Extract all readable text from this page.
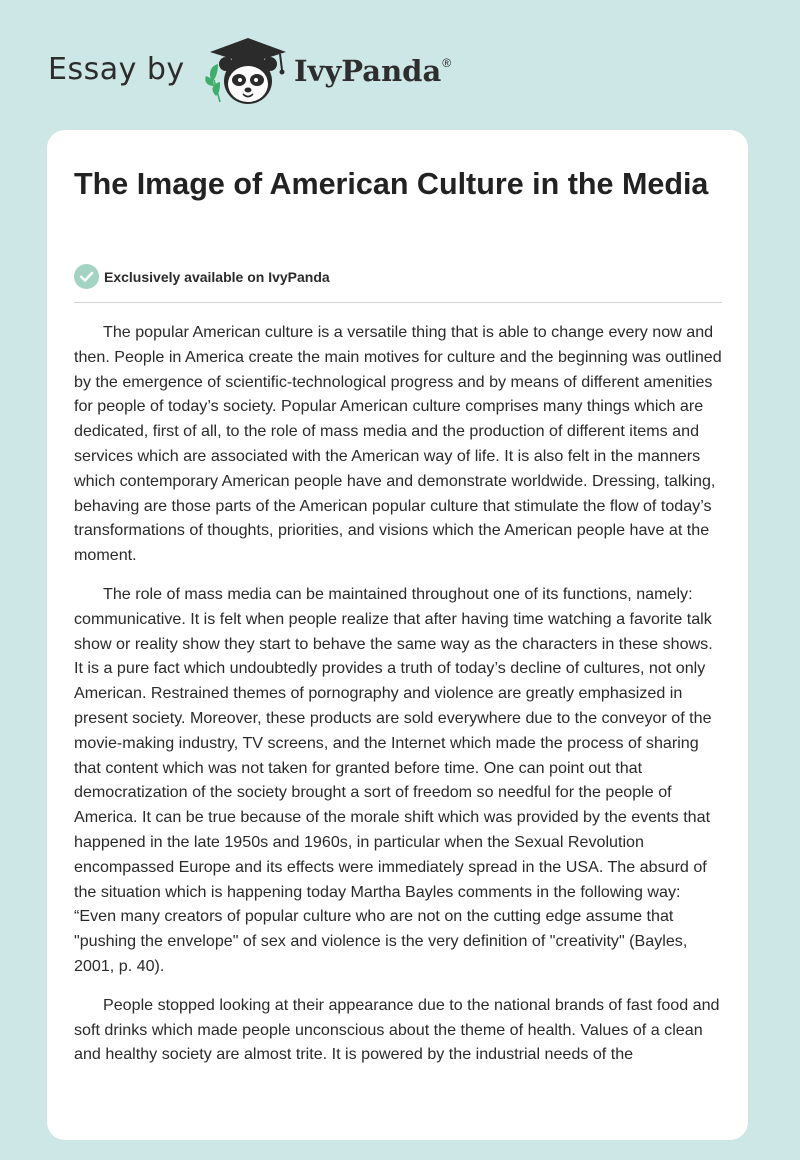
Essay by	IvyPanda®
The Image of American Culture in the Media
Exclusively available on IvyPanda

The popular American culture is a versatile thing that is able to change every now and then. People in America create the main motives for culture and the beginning was outlined by the emergence of scientific-technological progress and by means of different amenities for people of today’s society. Popular American culture comprises many things which are dedicated, first of all, to the role of mass media and the production of different items and services which are associated with the American way of life. It is also felt in the manners which contemporary American people have and demonstrate worldwide. Dressing, talking, behaving are those parts of the American popular culture that stimulate the flow of today’s transformations of thoughts, priorities, and visions which the American people have at the moment.

The role of mass media can be maintained throughout one of its functions, namely: communicative. It is felt when people realize that after having time watching a favorite talk show or reality show they start to behave the same way as the characters in these shows. It is a pure fact which undoubtedly provides a truth of today’s decline of cultures, not only American. Restrained themes of pornography and violence are greatly emphasized in present society. Moreover, these products are sold everywhere due to the conveyor of the movie-making industry, TV screens, and the Internet which made the process of sharing that content which was not taken for granted before time. One can point out that democratization of the society brought a sort of freedom so needful for the people of America. It can be true because of the morale shift which was provided by the events that happened in the late 1950s and 1960s, in particular when the Sexual Revolution encompassed Europe and its effects were immediately spread in the USA. The absurd of the situation which is happening today Martha Bayles comments in the following way: “Even many creators of popular culture who are not on the cutting edge assume that "pushing the envelope" of sex and violence is the very definition of "creativity" (Bayles, 2001, p. 40).

People stopped looking at their appearance due to the national brands of fast food and soft drinks which made people unconscious about the theme of health. Values of a clean and healthy society are almost trite. It is powered by the industrial needs of the
